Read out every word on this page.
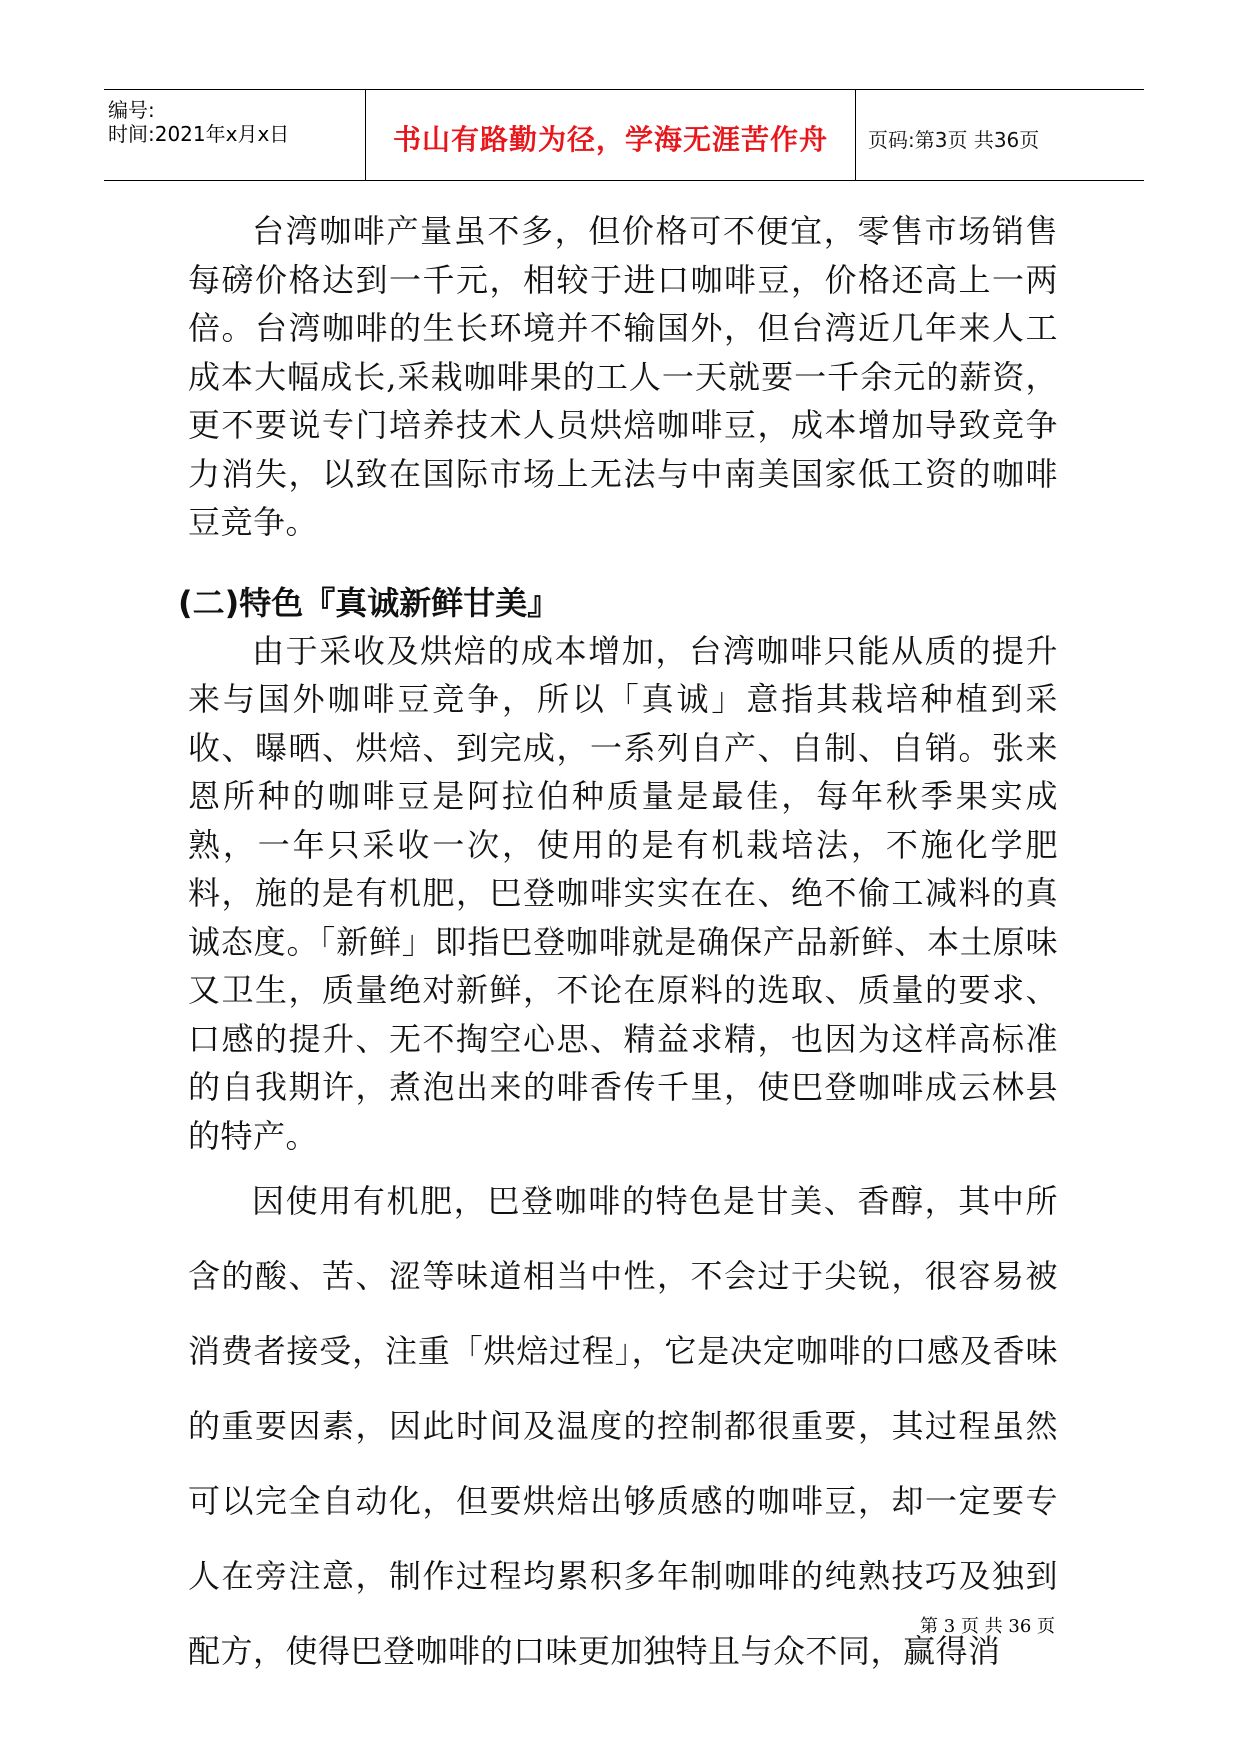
编号:
时间:2021年x月x日	书山有路勤为径，学海无涯苦作舟	页码:第3页 共36页

台湾咖啡产量虽不多，但价格可不便宜，零售市场销售每磅价格达到一千元，相较于进口咖啡豆，价格还高上一两倍。台湾咖啡的生长环境并不输国外，但台湾近几年来人工成本大幅成长,采栽咖啡果的工人一天就要一千余元的薪资，更不要说专门培养技术人员烘焙咖啡豆，成本增加导致竞争力消失，以致在国际市场上无法与中南美国家低工资的咖啡豆竞争。

(二)特色『真诚新鲜甘美』

由于采收及烘焙的成本增加，台湾咖啡只能从质的提升来与国外咖啡豆竞争，所以「真诚」意指其栽培种植到采收、曝晒、烘焙、到完成，一系列自产、自制、自销。张来恩所种的咖啡豆是阿拉伯种质量是最佳，每年秋季果实成熟，一年只采收一次，使用的是有机栽培法，不施化学肥料，施的是有机肥，巴登咖啡实实在在、绝不偷工减料的真诚态度。「新鲜」即指巴登咖啡就是确保产品新鲜、本土原味又卫生，质量绝对新鲜，不论在原料的选取、质量的要求、口感的提升、无不掏空心思、精益求精，也因为这样高标准的自我期许，煮泡出来的啡香传千里，使巴登咖啡成云林县的特产。

因使用有机肥，巴登咖啡的特色是甘美、香醇，其中所含的酸、苦、涩等味道相当中性，不会过于尖锐，很容易被消费者接受，注重「烘焙过程」，它是决定咖啡的口感及香味的重要因素，因此时间及温度的控制都很重要，其过程虽然可以完全自动化，但要烘焙出够质感的咖啡豆，却一定要专人在旁注意，制作过程均累积多年制咖啡的纯熟技巧及独到配方，使得巴登咖啡的口味更加独特且与众不同，赢得消

第 3 页 共 36 页
